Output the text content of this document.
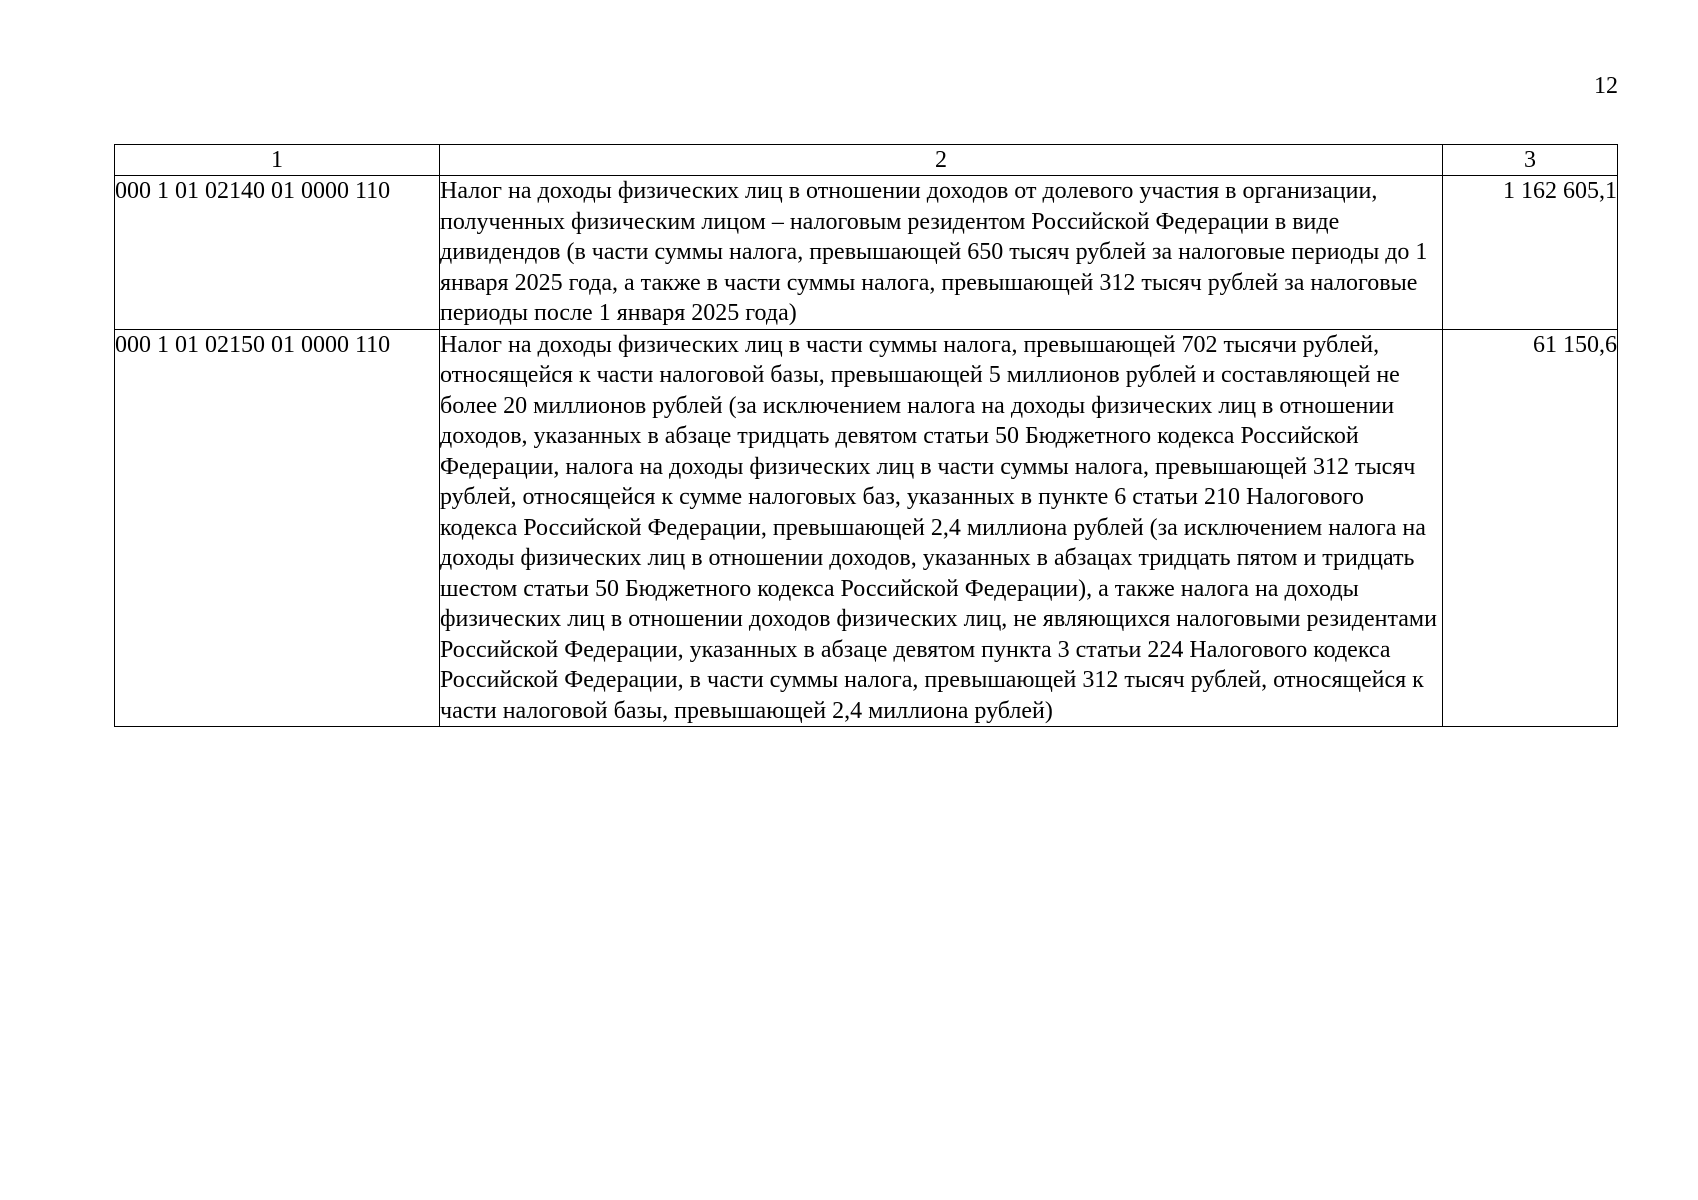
12
1	2	3
000 1 01 02140 01 0000 110	Налог на доходы физических лиц в отношении доходов от долевого участия в организации, полученных физическим лицом – налоговым резидентом Российской Федерации в виде дивидендов (в части суммы налога, превышающей 650 тысяч рублей за налоговые периоды до 1 января 2025 года, а также в части суммы налога, превышающей 312 тысяч рублей за налоговые периоды после 1 января 2025 года)	1 162 605,1
000 1 01 02150 01 0000 110	Налог на доходы физических лиц в части суммы налога, превышающей 702 тысячи рублей, относящейся к части налоговой базы, превышающей 5 миллионов рублей и составляющей не более 20 миллионов рублей (за исключением налога на доходы физических лиц в отношении доходов, указанных в абзаце тридцать девятом статьи 50 Бюджетного кодекса Российской Федерации, налога на доходы физических лиц в части суммы налога, превышающей 312 тысяч рублей, относящейся к сумме налоговых баз, указанных в пункте 6 статьи 210 Налогового кодекса Российской Федерации, превышающей 2,4 миллиона рублей (за исключением налога на доходы физических лиц в отношении доходов, указанных в абзацах тридцать пятом и тридцать шестом статьи 50 Бюджетного кодекса Российской Федерации), а также налога на доходы физических лиц в отношении доходов физических лиц, не являющихся налоговыми резидентами Российской Федерации, указанных в абзаце девятом пункта 3 статьи 224 Налогового кодекса Российской Федерации, в части суммы налога, превышающей 312 тысяч рублей, относящейся к части налоговой базы, превышающей 2,4 миллиона рублей)	61 150,6
